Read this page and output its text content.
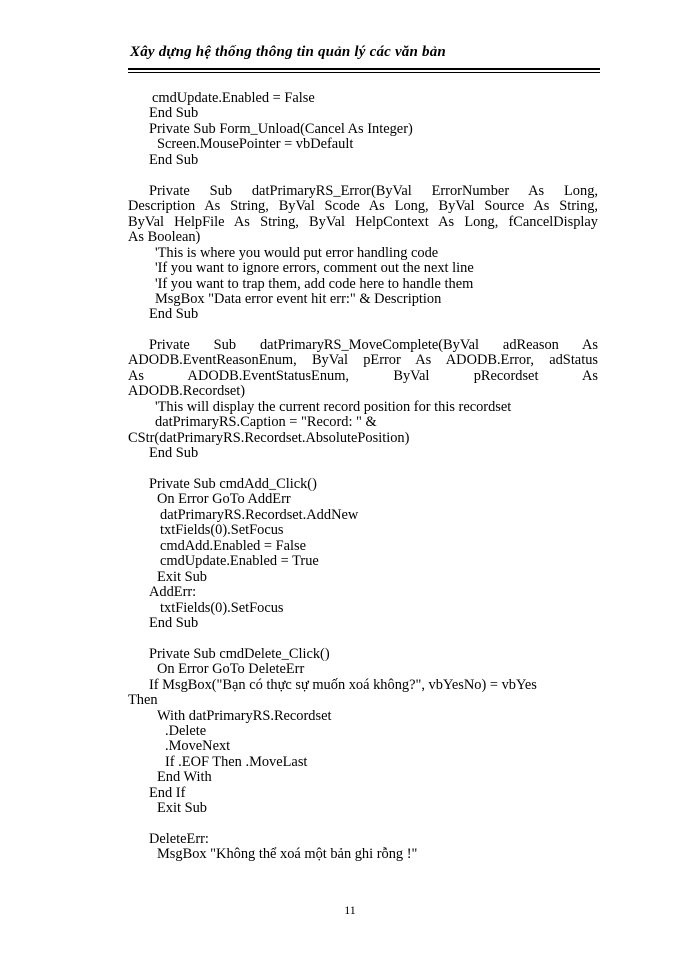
Xây dựng hệ thống thông tin quản lý các văn bản
cmdUpdate.Enabled = False
End Sub
Private Sub Form_Unload(Cancel As Integer)
Screen.MousePointer = vbDefault
End Sub
Private Sub datPrimaryRS_Error(ByVal ErrorNumber As Long,
Description As String, ByVal Scode As Long, ByVal Source As String,
ByVal HelpFile As String, ByVal HelpContext As Long, fCancelDisplay
As Boolean)
'This is where you would put error handling code
'If you want to ignore errors, comment out the next line
'If you want to trap them, add code here to handle them
MsgBox "Data error event hit err:" & Description
End Sub
Private Sub datPrimaryRS_MoveComplete(ByVal adReason As
ADODB.EventReasonEnum, ByVal pError As ADODB.Error, adStatus
As ADODB.EventStatusEnum, ByVal pRecordset As
ADODB.Recordset)
'This will display the current record position for this recordset
datPrimaryRS.Caption = "Record: " &
CStr(datPrimaryRS.Recordset.AbsolutePosition)
End Sub
Private Sub cmdAdd_Click()
On Error GoTo AddErr
datPrimaryRS.Recordset.AddNew
txtFields(0).SetFocus
cmdAdd.Enabled = False
cmdUpdate.Enabled = True
Exit Sub
AddErr:
txtFields(0).SetFocus
End Sub
Private Sub cmdDelete_Click()
On Error GoTo DeleteErr
If MsgBox("Bạn có thực sự muốn xoá không?", vbYesNo) = vbYes
Then
With datPrimaryRS.Recordset
.Delete
.MoveNext
If .EOF Then .MoveLast
End With
End If
Exit Sub
DeleteErr:
MsgBox "Không thể xoá một bản ghi rỗng !"
11
